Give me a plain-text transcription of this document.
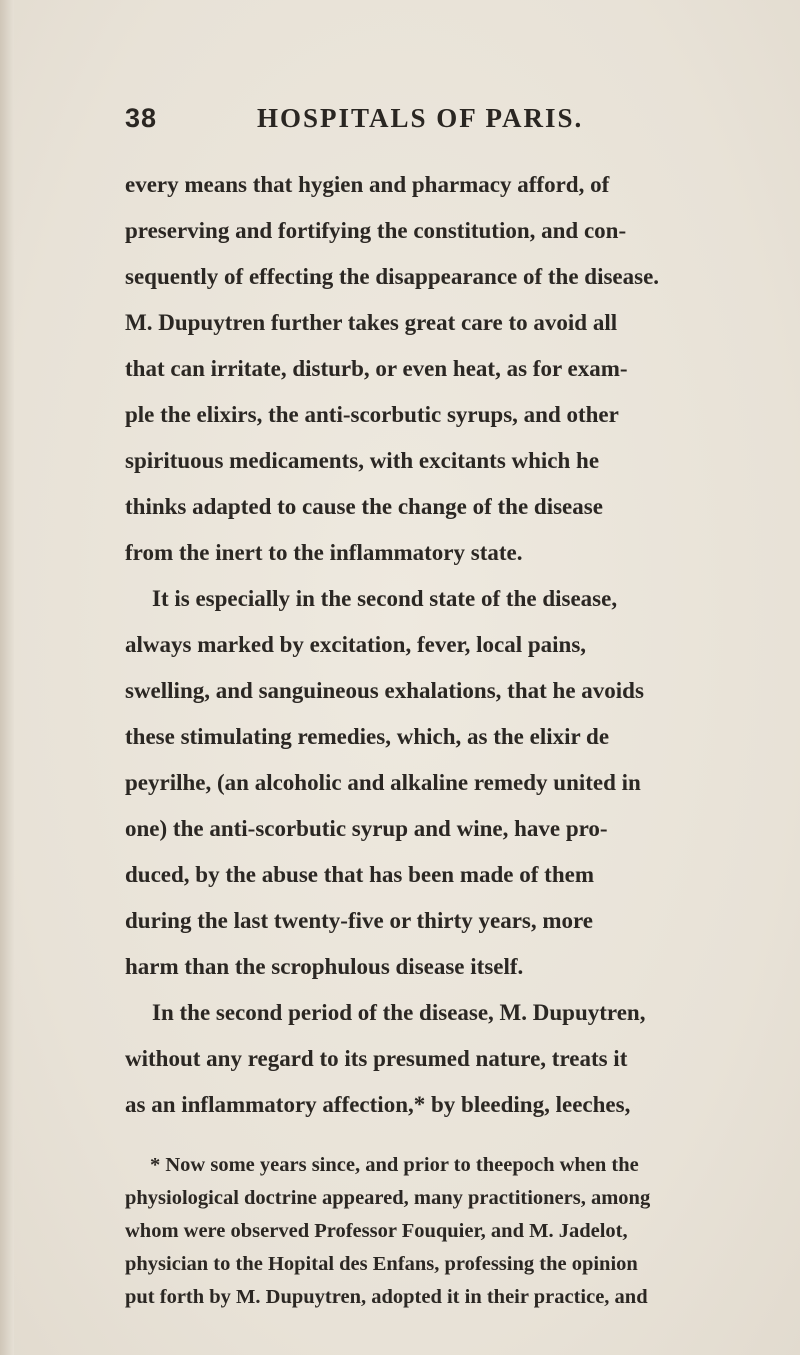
38	HOSPITALS OF PARIS.
every means that hygien and pharmacy afford, of
preserving and fortifying the constitution, and con-
sequently of effecting the disappearance of the disease.
M. Dupuytren further takes great care to avoid all
that can irritate, disturb, or even heat, as for exam-
ple the elixirs, the anti-scorbutic syrups, and other
spirituous medicaments, with excitants which he
thinks adapted to cause the change of the disease
from the inert to the inflammatory state.
It is especially in the second state of the disease,
always marked by excitation, fever, local pains,
swelling, and sanguineous exhalations, that he avoids
these stimulating remedies, which, as the elixir de
peyrilhe, (an alcoholic and alkaline remedy united in
one) the anti-scorbutic syrup and wine, have pro-
duced, by the abuse that has been made of them
during the last twenty-five or thirty years, more
harm than the scrophulous disease itself.
In the second period of the disease, M. Dupuytren,
without any regard to its presumed nature, treats it
as an inflammatory affection,* by bleeding, leeches,
* Now some years since, and prior to theepoch when the
physiological doctrine appeared, many practitioners, among
whom were observed Professor Fouquier, and M. Jadelot,
physician to the Hopital des Enfans, professing the opinion
put forth by M. Dupuytren, adopted it in their practice, and
